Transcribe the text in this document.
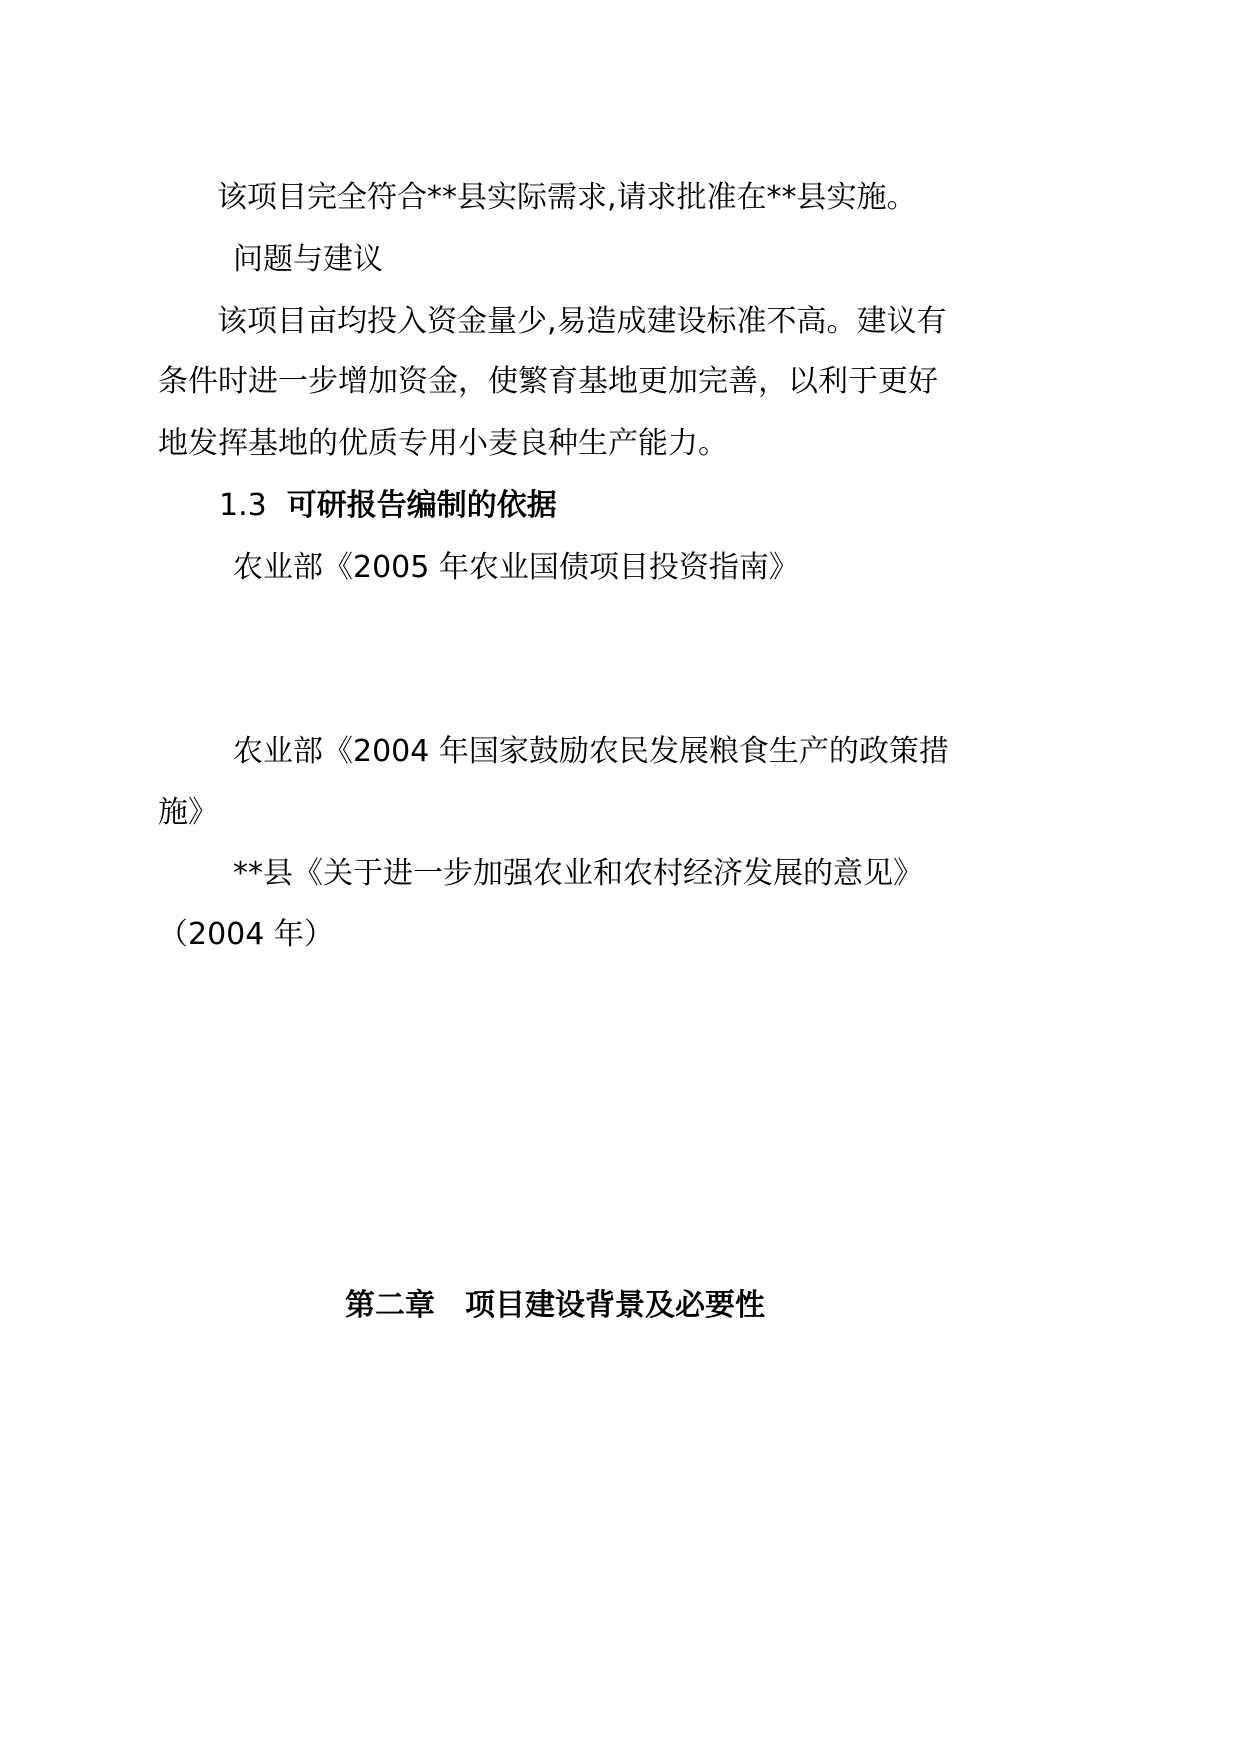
该项目完全符合**县实际需求,请求批准在**县实施。

问题与建议

该项目亩均投入资金量少,易造成建设标准不高。建议有

条件时进一步增加资金，使繁育基地更加完善，以利于更好

地发挥基地的优质专用小麦良种生产能力。

1.3 可研报告编制的依据

农业部《2005 年农业国债项目投资指南》

农业部《2004 年国家鼓励农民发展粮食生产的政策措

施》

**县《关于进一步加强农业和农村经济发展的意见》

（2004 年）

第二章　项目建设背景及必要性
